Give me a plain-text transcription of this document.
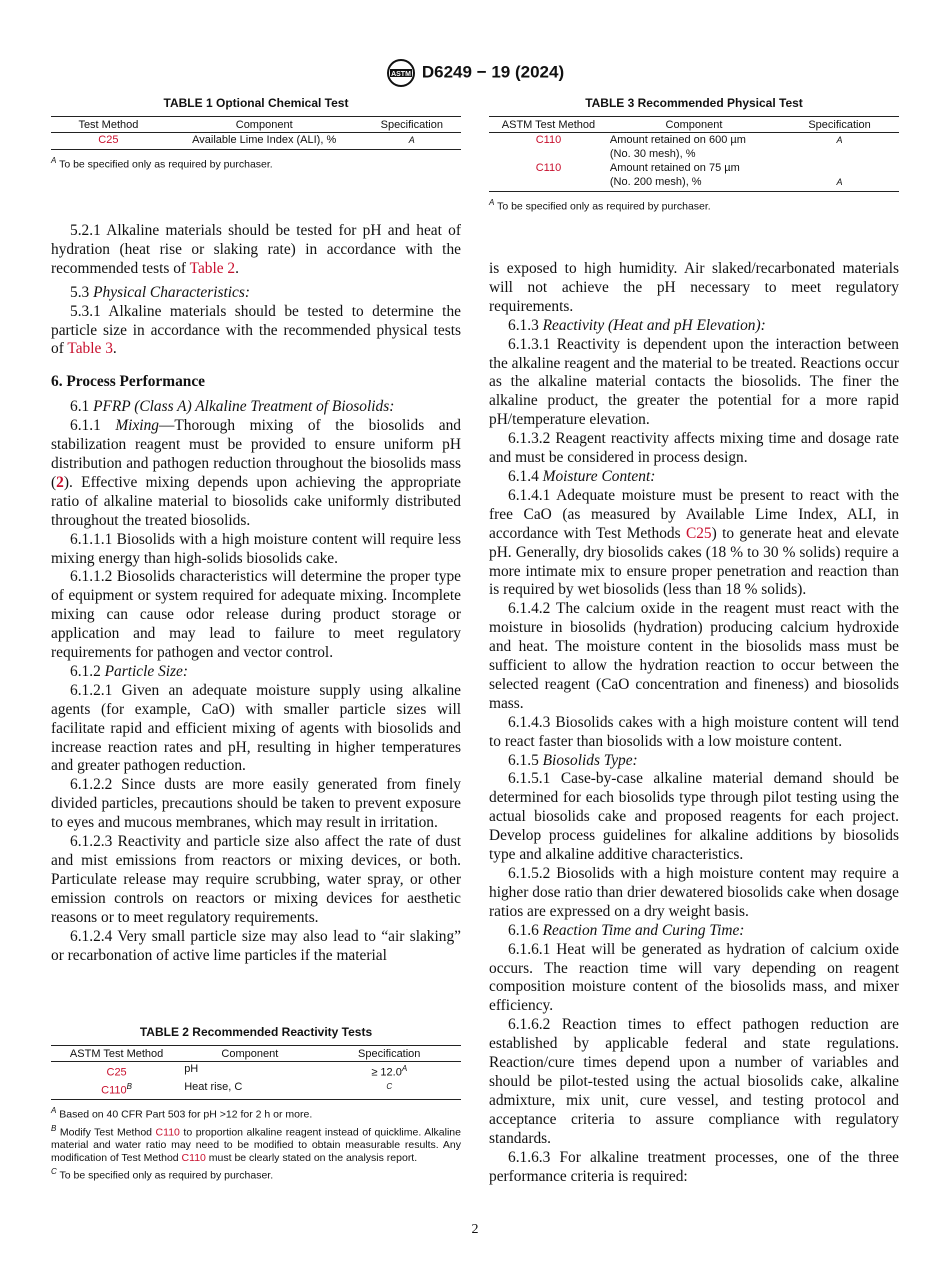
ASTM D6249 − 19 (2024)
TABLE 1 Optional Chemical Test
Test Method	Component	Specification
C25	Available Lime Index (ALI), %	A
$^A$ To be specified only as required by purchaser.
TABLE 3 Recommended Physical Test
ASTM Test Method	Component	Specification
C110	Amount retained on 600 µm
(No. 30 mesh), %	A
C110	Amount retained on 75 µm
(No. 200 mesh), %	A
$^A$ To be specified only as required by purchaser.

5.2.1 Alkaline materials should be tested for pH and heat of hydration (heat rise or slaking rate) in accordance with the recommended tests of Table 2.

5.3 Physical Characteristics:

5.3.1 Alkaline materials should be tested to determine the particle size in accordance with the recommended physical tests of Table 3.

6. Process Performance

6.1 PFRP (Class A) Alkaline Treatment of Biosolids:

6.1.1 Mixing—Thorough mixing of the biosolids and stabilization reagent must be provided to ensure uniform pH distribution and pathogen reduction throughout the biosolids mass (2). Effective mixing depends upon achieving the appropriate ratio of alkaline material to biosolids cake uniformly distributed throughout the treated biosolids.

6.1.1.1 Biosolids with a high moisture content will require less mixing energy than high-solids biosolids cake.

6.1.1.2 Biosolids characteristics will determine the proper type of equipment or system required for adequate mixing. Incomplete mixing can cause odor release during product storage or application and may lead to failure to meet regulatory requirements for pathogen and vector control.

6.1.2 Particle Size:

6.1.2.1 Given an adequate moisture supply using alkaline agents (for example, CaO) with smaller particle sizes will facilitate rapid and efficient mixing of agents with biosolids and increase reaction rates and pH, resulting in higher temperatures and greater pathogen reduction.

6.1.2.2 Since dusts are more easily generated from finely divided particles, precautions should be taken to prevent exposure to eyes and mucous membranes, which may result in irritation.

6.1.2.3 Reactivity and particle size also affect the rate of dust and mist emissions from reactors or mixing devices, or both. Particulate release may require scrubbing, water spray, or other emission controls on reactors or mixing devices for aesthetic reasons or to meet regulatory requirements.

6.1.2.4 Very small particle size may also lead to “air slaking” or recarbonation of active lime particles if the material

TABLE 2 Recommended Reactivity Tests
ASTM Test Method	Component	Specification
C25	pH	≥ $12.0^A$
$C110^B$	Heat rise, C	$^C$
$^A$ Based on 40 CFR Part 503 for pH >12 for 2 h or more.
$^B$ Modify Test Method C110 to proportion alkaline reagent instead of quicklime. Alkaline material and water ratio may need to be modified to obtain measurable results. Any modification of Test Method C110 must be clearly stated on the analysis report.
$^C$ To be specified only as required by purchaser.

is exposed to high humidity. Air slaked/recarbonated materials will not achieve the pH necessary to meet regulatory requirements.

6.1.3 Reactivity (Heat and pH Elevation):

6.1.3.1 Reactivity is dependent upon the interaction between the alkaline reagent and the material to be treated. Reactions occur as the alkaline material contacts the biosolids. The finer the alkaline product, the greater the potential for a more rapid pH/temperature elevation.

6.1.3.2 Reagent reactivity affects mixing time and dosage rate and must be considered in process design.

6.1.4 Moisture Content:

6.1.4.1 Adequate moisture must be present to react with the free CaO (as measured by Available Lime Index, ALI, in accordance with Test Methods C25) to generate heat and elevate pH. Generally, dry biosolids cakes (18 % to 30 % solids) require a more intimate mix to ensure proper penetration and reaction than is required by wet biosolids (less than 18 % solids).

6.1.4.2 The calcium oxide in the reagent must react with the moisture in biosolids (hydration) producing calcium hydroxide and heat. The moisture content in the biosolids mass must be sufficient to allow the hydration reaction to occur between the selected reagent (CaO concentration and fineness) and biosolids mass.

6.1.4.3 Biosolids cakes with a high moisture content will tend to react faster than biosolids with a low moisture content.

6.1.5 Biosolids Type:

6.1.5.1 Case-by-case alkaline material demand should be determined for each biosolids type through pilot testing using the actual biosolids cake and proposed reagents for each project. Develop process guidelines for alkaline additions by biosolids type and alkaline additive characteristics.

6.1.5.2 Biosolids with a high moisture content may require a higher dose ratio than drier dewatered biosolids cake when dosage ratios are expressed on a dry weight basis.

6.1.6 Reaction Time and Curing Time:

6.1.6.1 Heat will be generated as hydration of calcium oxide occurs. The reaction time will vary depending on reagent composition moisture content of the biosolids mass, and mixer efficiency.

6.1.6.2 Reaction times to effect pathogen reduction are established by applicable federal and state regulations. Reaction/cure times depend upon a number of variables and should be pilot-tested using the actual biosolids cake, alkaline admixture, mix unit, cure vessel, and testing protocol and acceptance criteria to assure compliance with regulatory standards.

6.1.6.3 For alkaline treatment processes, one of the three performance criteria is required:

2
